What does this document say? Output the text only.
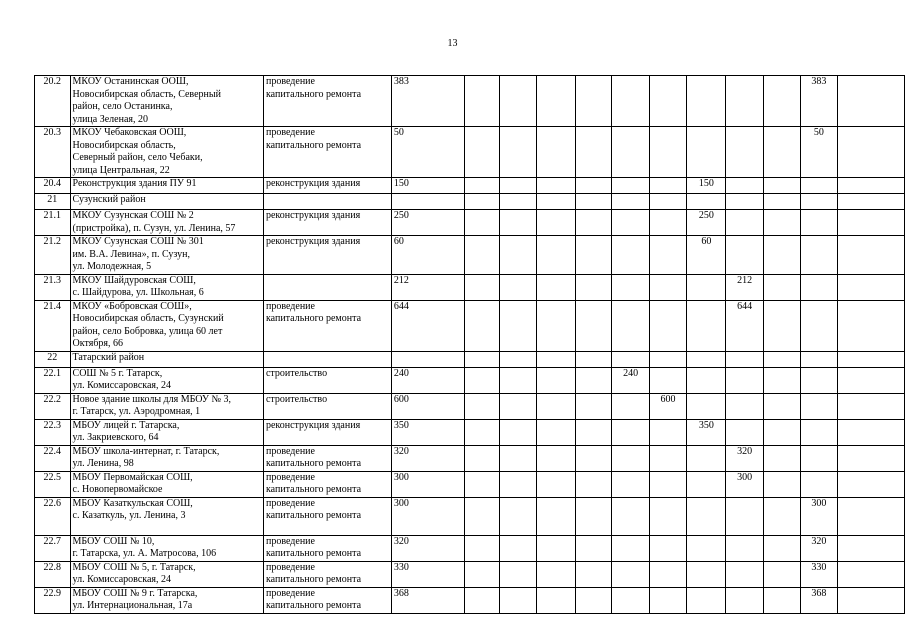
13
20.2	МКОУ Останинская ООШ,
Новосибирская область, Северный
район, село Останинка,
улица Зеленая, 20	проведение
капитального ремонта	383										383	
20.3	МКОУ Чебаковская ООШ,
Новосибирская область,
Северный район, село Чебаки,
улица Центральная, 22	проведение
капитального ремонта	50										50	
20.4	Реконструкция здания ПУ 91	реконструкция здания	150							150				
21	Сузунский район													
21.1	МКОУ Сузунская СОШ № 2
(пристройка), п. Сузун, ул. Ленина, 57	реконструкция здания	250							250				
21.2	МКОУ Сузунская СОШ № 301
им. В.А. Левина», п. Сузун,
ул. Молодежная, 5	реконструкция здания	60							60				
21.3	МКОУ Шайдуровская СОШ,
с. Шайдурова, ул. Школьная, 6		212								212			
21.4	МКОУ «Бобровская СОШ»,
Новосибирская область, Сузунский
район, село Бобровка, улица 60 лет
Октября, 66	проведение
капитального ремонта	644								644			
22	Татарский район													
22.1	СОШ № 5 г. Татарск,
ул. Комиссаровская, 24	строительство	240					240						
22.2	Новое здание школы для МБОУ № 3,
г. Татарск, ул. Аэродромная, 1	строительство	600						600					
22.3	МБОУ лицей г. Татарска,
ул. Закриевского, 64	реконструкция здания	350							350				
22.4	МБОУ школа-интернат, г. Татарск,
ул. Ленина, 98	проведение
капитального ремонта	320								320			
22.5	МБОУ Первомайская СОШ,
с. Новопервомайское	проведение
капитального ремонта	300								300			
22.6	МБОУ Казаткульская СОШ,
с. Казаткуль, ул. Ленина, 3	проведение
капитального ремонта	300										300	
22.7	МБОУ СОШ № 10,
г. Татарска, ул. А. Матросова, 106	проведение
капитального ремонта	320										320	
22.8	МБОУ СОШ № 5, г. Татарск,
ул. Комиссаровская, 24	проведение
капитального ремонта	330										330	
22.9	МБОУ СОШ № 9 г. Татарска,
ул. Интернациональная, 17а	проведение
капитального ремонта	368										368	
